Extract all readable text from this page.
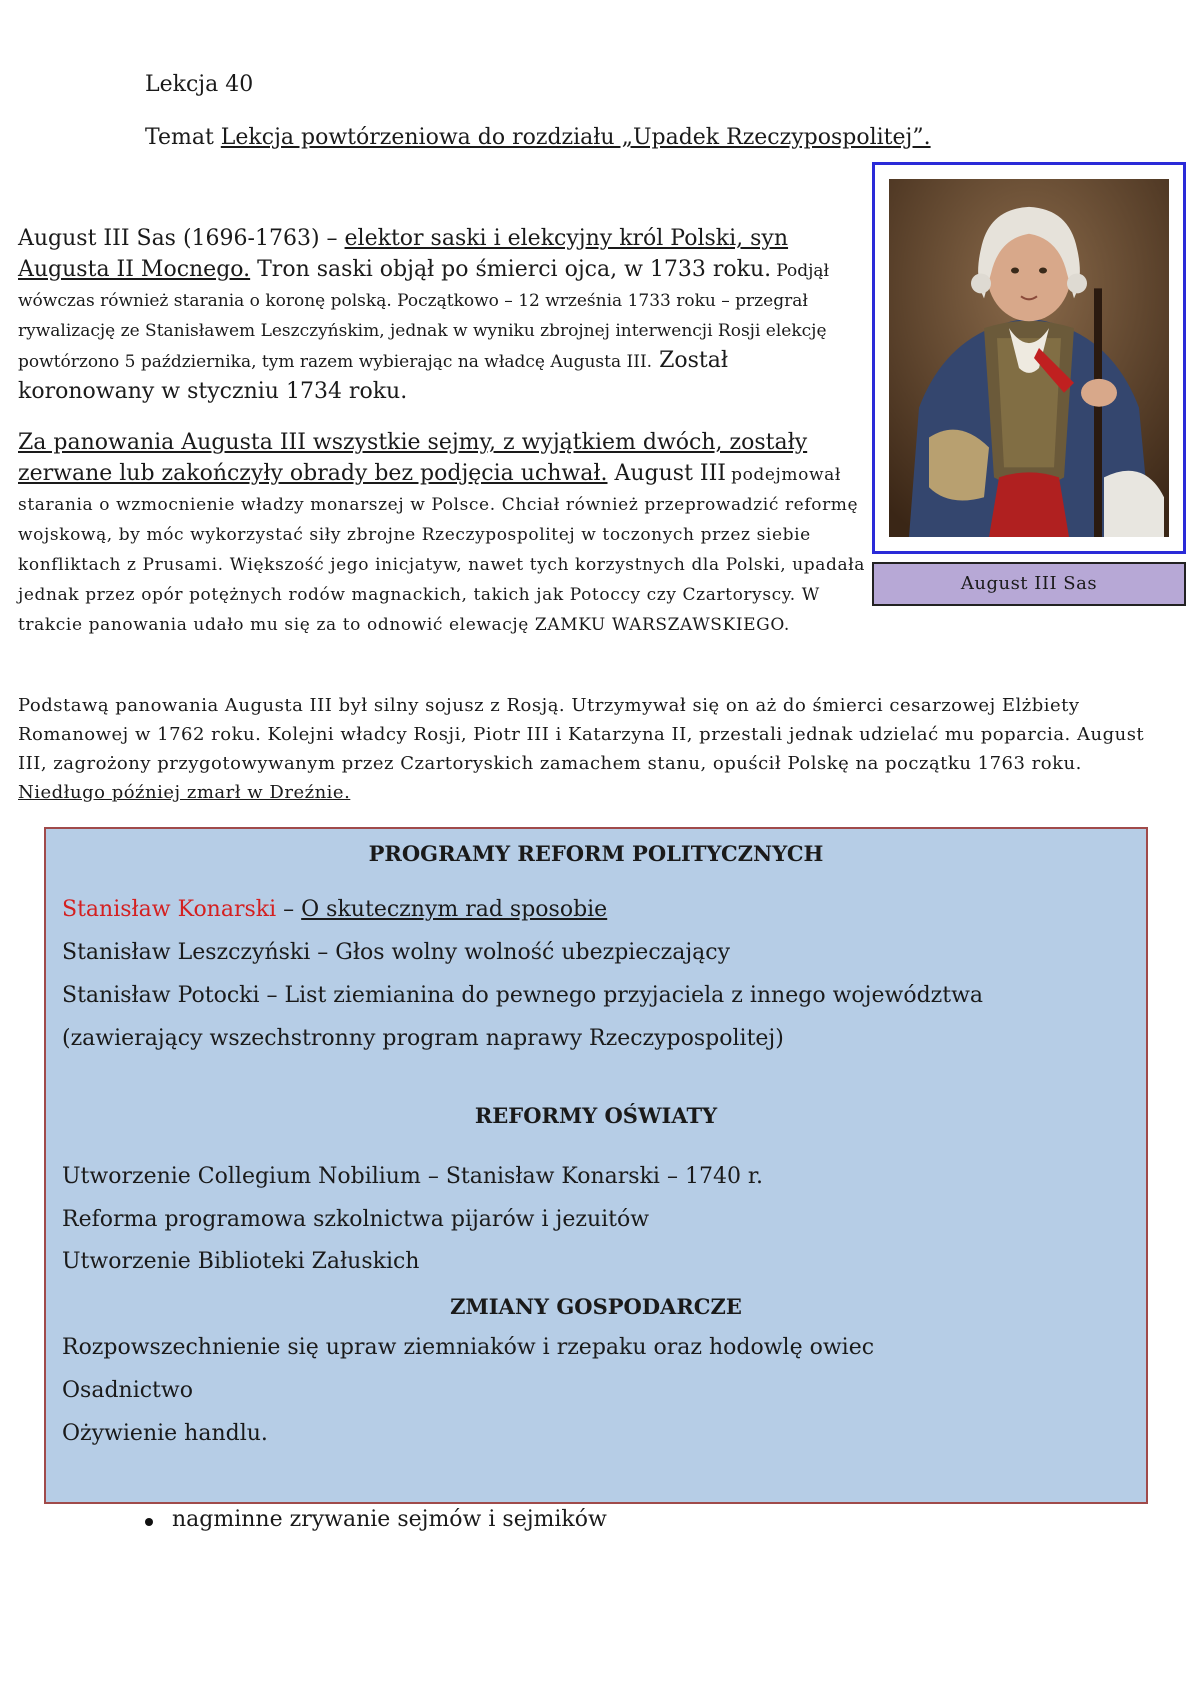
Lekcja 40
Temat Lekcja powtórzeniowa do rozdziału „Upadek Rzeczypospolitej”.
August III Sas (1696-1763) – elektor saski i elekcyjny król Polski, syn Augusta II Mocnego. Tron saski objął po śmierci ojca, w 1733 roku. Podjął wówczas również starania o koronę polską. Początkowo – 12 września 1733 roku – przegrał rywalizację ze Stanisławem Leszczyńskim, jednak w wyniku zbrojnej interwencji Rosji elekcję powtórzono 5 października, tym razem wybierając na władcę Augusta III. Został koronowany w styczniu 1734 roku.
Za panowania Augusta III wszystkie sejmy, z wyjątkiem dwóch, zostały zerwane lub zakończyły obrady bez podjęcia uchwał. August III podejmował starania o wzmocnienie władzy monarszej w Polsce. Chciał również przeprowadzić reformę wojskową, by móc wykorzystać siły zbrojne Rzeczypospolitej w toczonych przez siebie konfliktach z Prusami. Większość jego inicjatyw, nawet tych korzystnych dla Polski, upadała jednak przez opór potężnych rodów magnackich, takich jak Potoccy czy Czartoryscy. W trakcie panowania udało mu się za to odnowić elewację ZAMKU WARSZAWSKIEGO.
Podstawą panowania Augusta III był silny sojusz z Rosją. Utrzymywał się on aż do śmierci cesarzowej Elżbiety Romanowej w 1762 roku. Kolejni władcy Rosji, Piotr III i Katarzyna II, przestali jednak udzielać mu poparcia. August III, zagrożony przygotowywanym przez Czartoryskich zamachem stanu, opuścił Polskę na początku 1763 roku. Niedługo później zmarł w Dreźnie.
August III Sas
PROGRAMY REFORM POLITYCZNYCH
Stanisław Konarski – O skutecznym rad sposobie
Stanisław Leszczyński – Głos wolny wolność ubezpieczający
Stanisław Potocki – List ziemianina do pewnego przyjaciela z innego województwa
(zawierający wszechstronny program naprawy Rzeczypospolitej)
REFORMY OŚWIATY
Utworzenie Collegium Nobilium – Stanisław Konarski – 1740 r.
Reforma programowa szkolnictwa pijarów i jezuitów
Utworzenie Biblioteki Załuskich
ZMIANY GOSPODARCZE
Rozpowszechnienie się upraw ziemniaków i rzepaku oraz hodowlę owiec
Osadnictwo
Ożywienie handlu.
nagminne zrywanie sejmów i sejmików
